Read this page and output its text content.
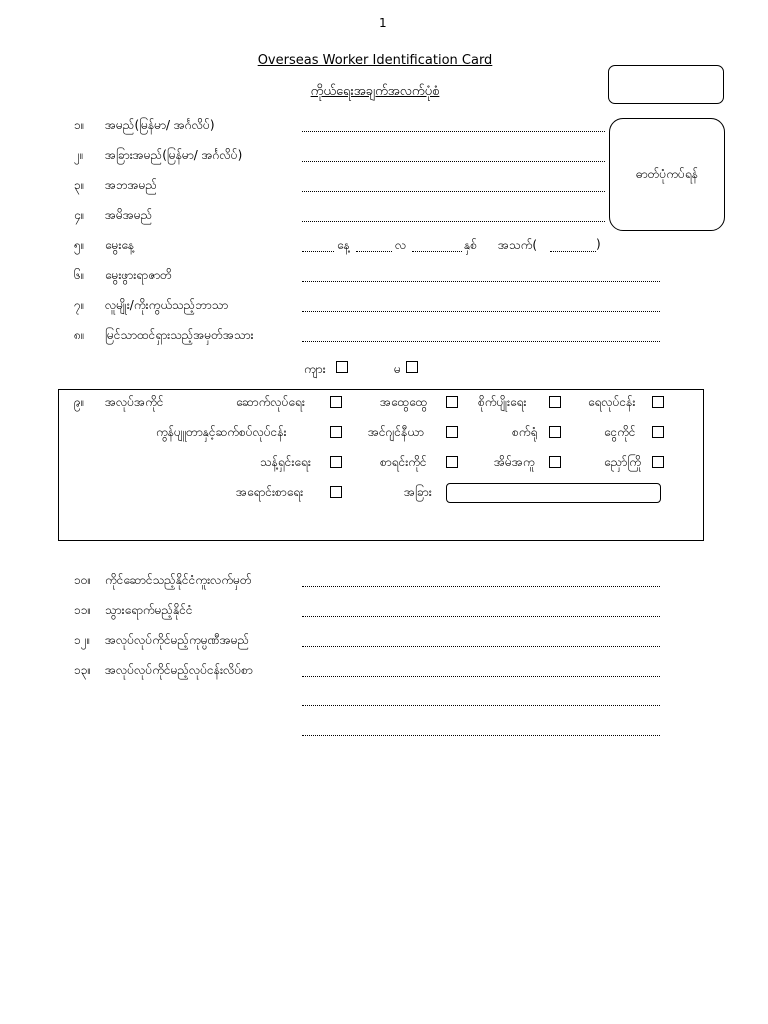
1
Overseas Worker Identification Card
ကိုယ်ရေးအချက်အလက်ပုံစံ
ဓာတ်ပုံကပ်ရန်
၁။ အမည်(မြန်မာ/ အင်္ဂလိပ်)
၂။ အခြားအမည်(မြန်မာ/ အင်္ဂလိပ်)
၃။ အဘအမည်
၄။ အမိအမည်
၅။ မွေးနေ့	နေ့	လ	နှစ် အသက်(	)
၆။ မွေးဖွားရာဇာတိ
၇။ လူမျိုး/ကိုးကွယ်သည့်ဘာသာ
၈။ မြင်သာထင်ရှားသည့်အမှတ်အသား
ကျား	မ
၉။ အလုပ်အကိုင်	ဆောက်လုပ်ရေး	အထွေထွေ	စိုက်ပျိုးရေး	ရေလုပ်ငန်း
ကွန်ပျူတာနှင့်ဆက်စပ်လုပ်ငန်း	အင်ဂျင်နီယာ	စက်ရုံ	ငွေကိုင်
သန့်ရှင်းရေး	စာရင်းကိုင်	အိမ်အကူ	ညှော်ကြို
အရောင်းစာရေး	အခြား
၁၀။ ကိုင်ဆောင်သည့်နိုင်ငံကူးလက်မှတ်
၁၁။ သွားရောက်မည့်နိုင်ငံ
၁၂။ အလုပ်လုပ်ကိုင်မည့်ကုမ္ပဏီအမည်
၁၃။ အလုပ်လုပ်ကိုင်မည့်လုပ်ငန်းလိပ်စာ
